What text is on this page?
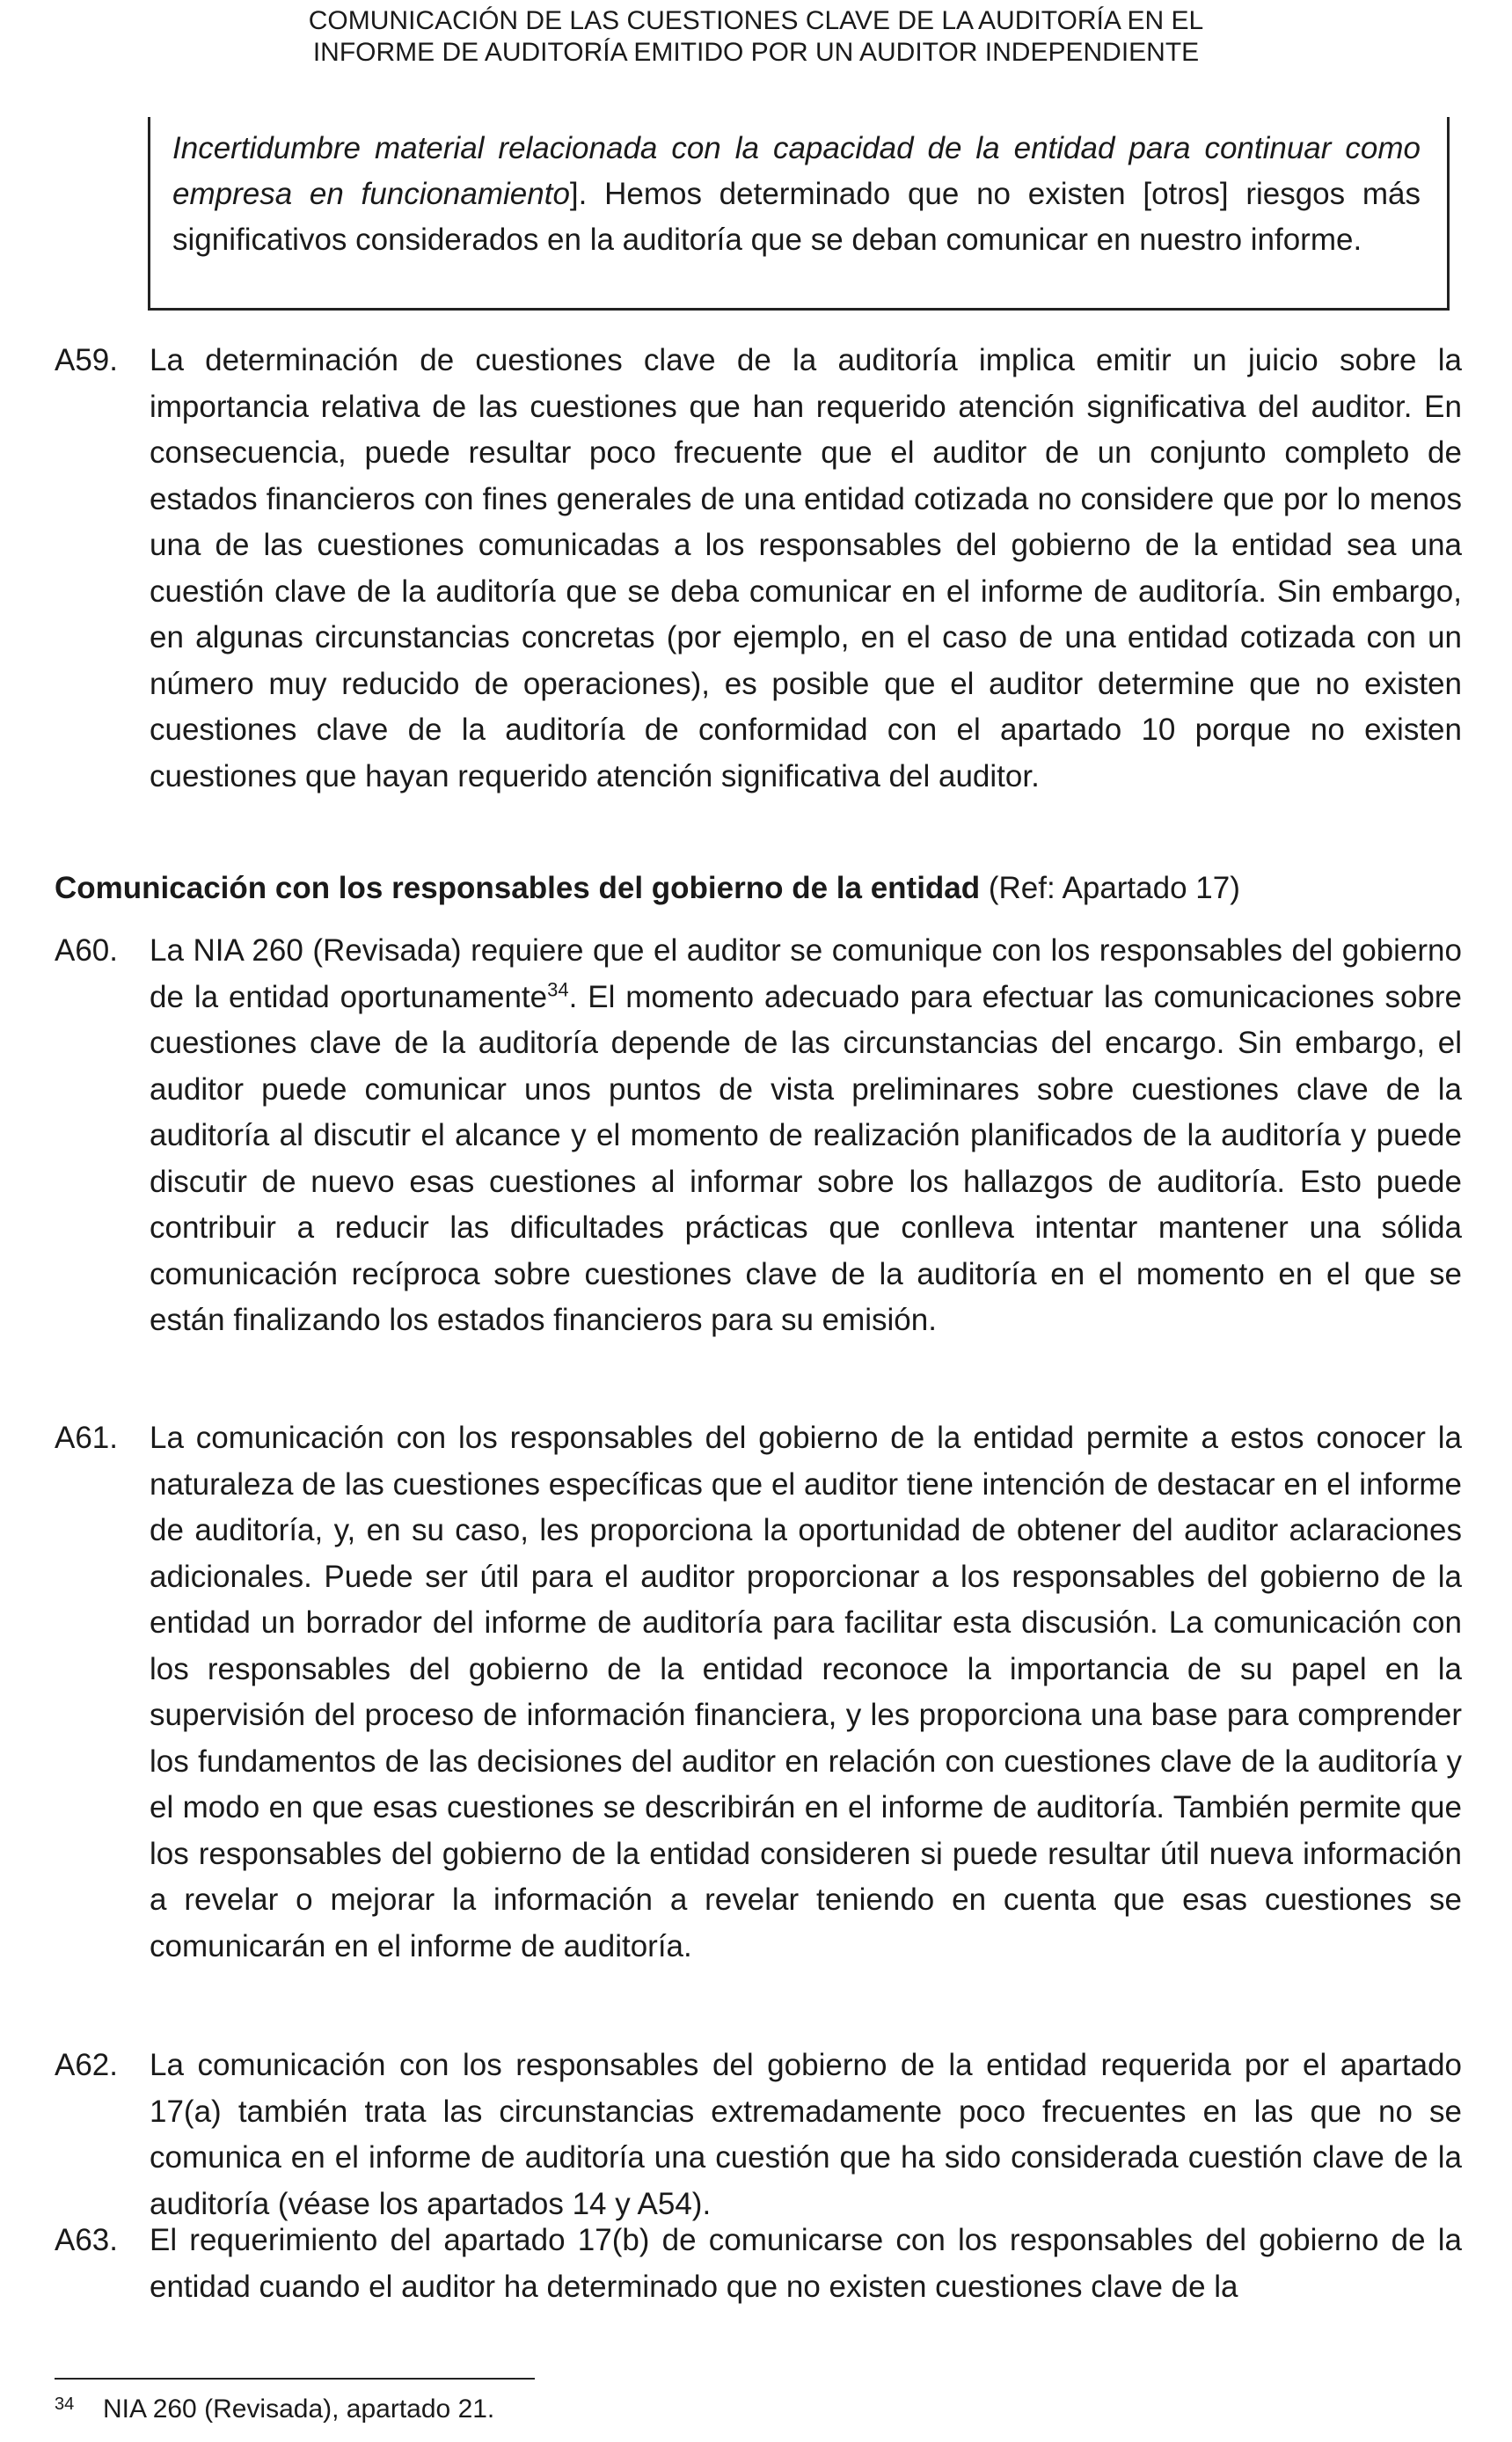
COMUNICACIÓN DE LAS CUESTIONES CLAVE DE LA AUDITORÍA EN EL
INFORME DE AUDITORÍA EMITIDO POR UN AUDITOR INDEPENDIENTE
Incertidumbre material relacionada con la capacidad de la entidad para continuar como empresa en funcionamiento]. Hemos determinado que no existen [otros] riesgos más significativos considerados en la auditoría que se deban comunicar en nuestro informe.
A59.	La determinación de cuestiones clave de la auditoría implica emitir un juicio sobre la importancia relativa de las cuestiones que han requerido atención significativa del auditor. En consecuencia, puede resultar poco frecuente que el auditor de un conjunto completo de estados financieros con fines generales de una entidad cotizada no considere que por lo menos una de las cuestiones comunicadas a los responsables del gobierno de la entidad sea una cuestión clave de la auditoría que se deba comunicar en el informe de auditoría. Sin embargo, en algunas circunstancias concretas (por ejemplo, en el caso de una entidad cotizada con un número muy reducido de operaciones), es posible que el auditor determine que no existen cuestiones clave de la auditoría de conformidad con el apartado 10 porque no existen cuestiones que hayan requerido atención significativa del auditor.
Comunicación con los responsables del gobierno de la entidad (Ref: Apartado 17)
A60.	La NIA 260 (Revisada) requiere que el auditor se comunique con los responsables del gobierno de la entidad oportunamente$^{34}$. El momento adecuado para efectuar las comunicaciones sobre cuestiones clave de la auditoría depende de las circunstancias del encargo. Sin embargo, el auditor puede comunicar unos puntos de vista preliminares sobre cuestiones clave de la auditoría al discutir el alcance y el momento de realización planificados de la auditoría y puede discutir de nuevo esas cuestiones al informar sobre los hallazgos de auditoría. Esto puede contribuir a reducir las dificultades prácticas que conlleva intentar mantener una sólida comunicación recíproca sobre cuestiones clave de la auditoría en el momento en el que se están finalizando los estados financieros para su emisión.
A61.	La comunicación con los responsables del gobierno de la entidad permite a estos conocer la naturaleza de las cuestiones específicas que el auditor tiene intención de destacar en el informe de auditoría, y, en su caso, les proporciona la oportunidad de obtener del auditor aclaraciones adicionales. Puede ser útil para el auditor proporcionar a los responsables del gobierno de la entidad un borrador del informe de auditoría para facilitar esta discusión. La comunicación con los responsables del gobierno de la entidad reconoce la importancia de su papel en la supervisión del proceso de información financiera, y les proporciona una base para comprender los fundamentos de las decisiones del auditor en relación con cuestiones clave de la auditoría y el modo en que esas cuestiones se describirán en el informe de auditoría. También permite que los responsables del gobierno de la entidad consideren si puede resultar útil nueva información a revelar o mejorar la información a revelar teniendo en cuenta que esas cuestiones se comunicarán en el informe de auditoría.
A62.	La comunicación con los responsables del gobierno de la entidad requerida por el apartado 17(a) también trata las circunstancias extremadamente poco frecuentes en las que no se comunica en el informe de auditoría una cuestión que ha sido considerada cuestión clave de la auditoría (véase los apartados 14 y A54).
A63.	El requerimiento del apartado 17(b) de comunicarse con los responsables del gobierno de la entidad cuando el auditor ha determinado que no existen cuestiones clave de la
34	NIA 260 (Revisada), apartado 21.
